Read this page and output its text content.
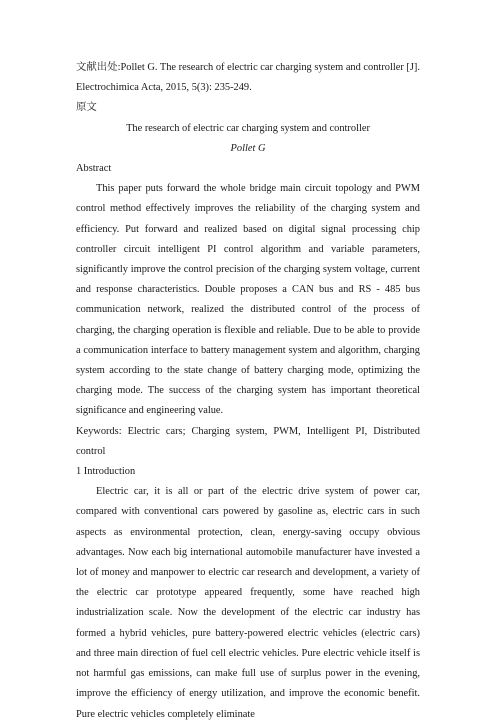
文献出处:Pollet G. The research of electric car charging system and controller [J]. Electrochimica Acta, 2015, 5(3): 235-249.

原文

The research of electric car charging system and controller

Pollet G

Abstract

This paper puts forward the whole bridge main circuit topology and PWM control method effectively improves the reliability of the charging system and efficiency. Put forward and realized based on digital signal processing chip controller circuit intelligent PI control algorithm and variable parameters, significantly improve the control precision of the charging system voltage, current and response characteristics. Double proposes a CAN bus and RS - 485 bus communication network, realized the distributed control of the process of charging, the charging operation is flexible and reliable. Due to be able to provide a communication interface to battery management system and algorithm, charging system according to the state change of battery charging mode, optimizing the charging mode. The success of the charging system has important theoretical significance and engineering value.

Keywords: Electric cars; Charging system, PWM, Intelligent PI, Distributed control

1 Introduction

Electric car, it is all or part of the electric drive system of power car, compared with conventional cars powered by gasoline as, electric cars in such aspects as environmental protection, clean, energy-saving occupy obvious advantages. Now each big international automobile manufacturer have invested a lot of money and manpower to electric car research and development, a variety of the electric car prototype appeared frequently, some have reached high industrialization scale. Now the development of the electric car industry has formed a hybrid vehicles, pure battery-powered electric vehicles (electric cars) and three main direction of fuel cell electric vehicles. Pure electric vehicle itself is not harmful gas emissions, can make full use of surplus power in the evening, improve the efficiency of energy utilization, and improve the economic benefit. Pure electric vehicles completely eliminate
